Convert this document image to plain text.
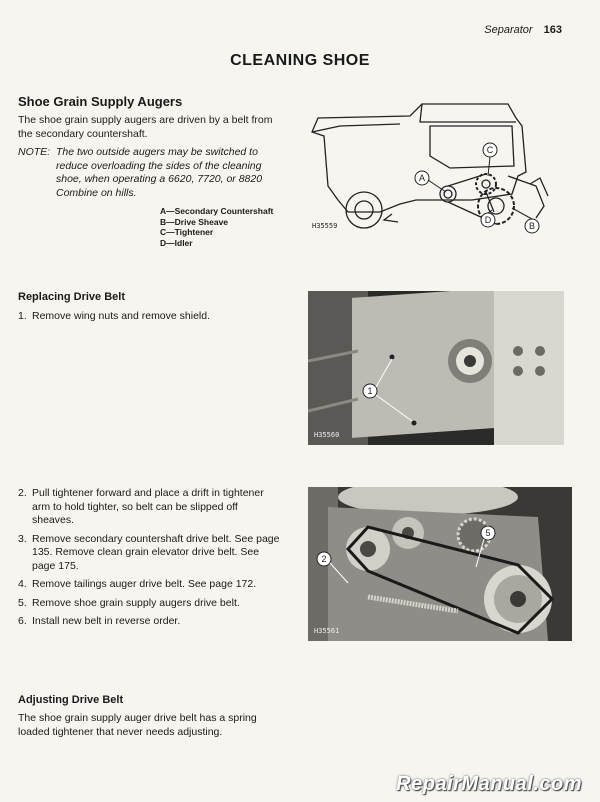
Separator 163
CLEANING SHOE
Shoe Grain Supply Augers
The shoe grain supply augers are driven by a belt from the secondary countershaft.
NOTE: The two outside augers may be switched to reduce overloading the sides of the cleaning shoe, when operating a 6620, 7720, or 8820 Combine on hills.
A—Secondary Countershaft
B—Drive Sheave
C—Tightener
D—Idler
A
B
C
D
H35559
Replacing Drive Belt
1. Remove wing nuts and remove shield.
1
H35560
2. Pull tightener forward and place a drift in tightener arm to hold tighter, so belt can be slipped off sheaves.
3. Remove secondary countershaft drive belt. See page 135. Remove clean grain elevator drive belt. See page 175.
4. Remove tailings auger drive belt. See page 172.
5. Remove shoe grain supply augers drive belt.
6. Install new belt in reverse order.
2
5
H35561
Adjusting Drive Belt
The shoe grain supply auger drive belt has a spring loaded tightener that never needs adjusting.
RepairManual.com
